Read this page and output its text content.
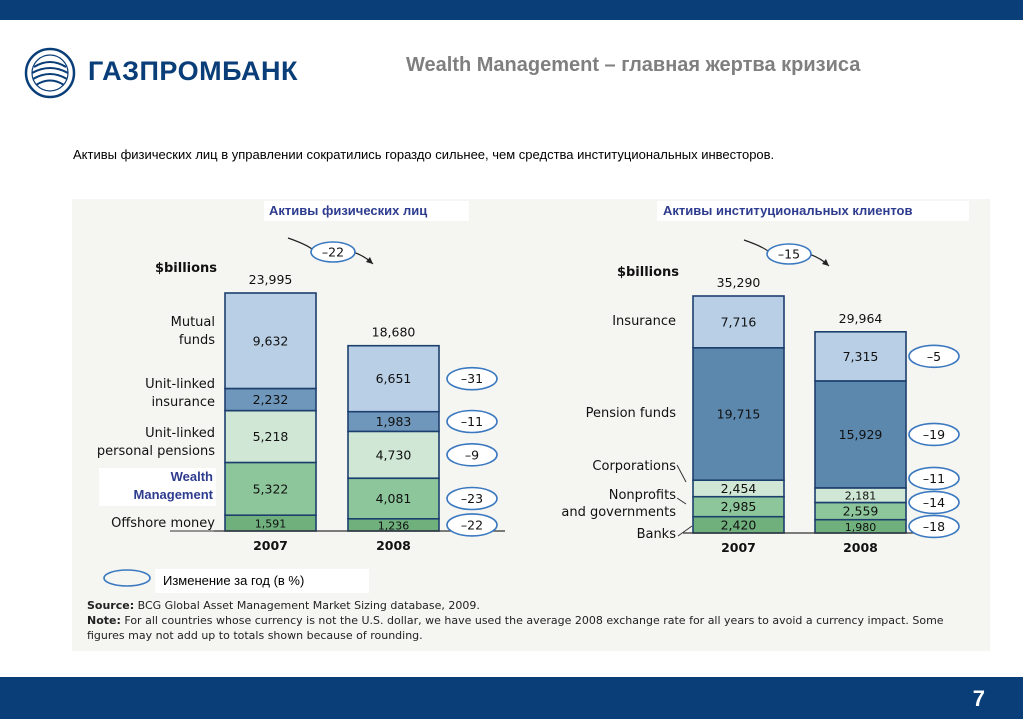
ГАЗПРОМБАНК	Wealth Management – главная жертва кризиса
Активы физических лиц в управлении сократились гораздо сильнее, чем средства институциональных инвесторов.
1,591
5,322
5,218
2,232
9,632
23,995
2007
1,236
4,081
4,730
1,983
6,651
18,680
2008
$billions
–22
–22
–23
–9
–11
–31
2,420
2,985
2,454
19,715
7,716
35,290
2007
1,980
2,559
2,181
15,929
7,315
29,964
2008
$billions
–15
–18
–14
–11
–19
–5
Mutual
funds
Unit-linked
insurance
Unit-linked
personal pensions
Offshore money
Insurance
Pension funds
Corporations
Nonprofits
and governments
Banks
Активы физических лиц	Активы институциональных клиентов
Wealth
Management
Изменение за год (в %)
Source: BCG Global Asset Management Market Sizing database, 2009.
Note: For all countries whose currency is not the U.S. dollar, we have used the average 2008 exchange rate for all years to avoid a currency impact. Some
figures may not add up to totals shown because of rounding.
7
